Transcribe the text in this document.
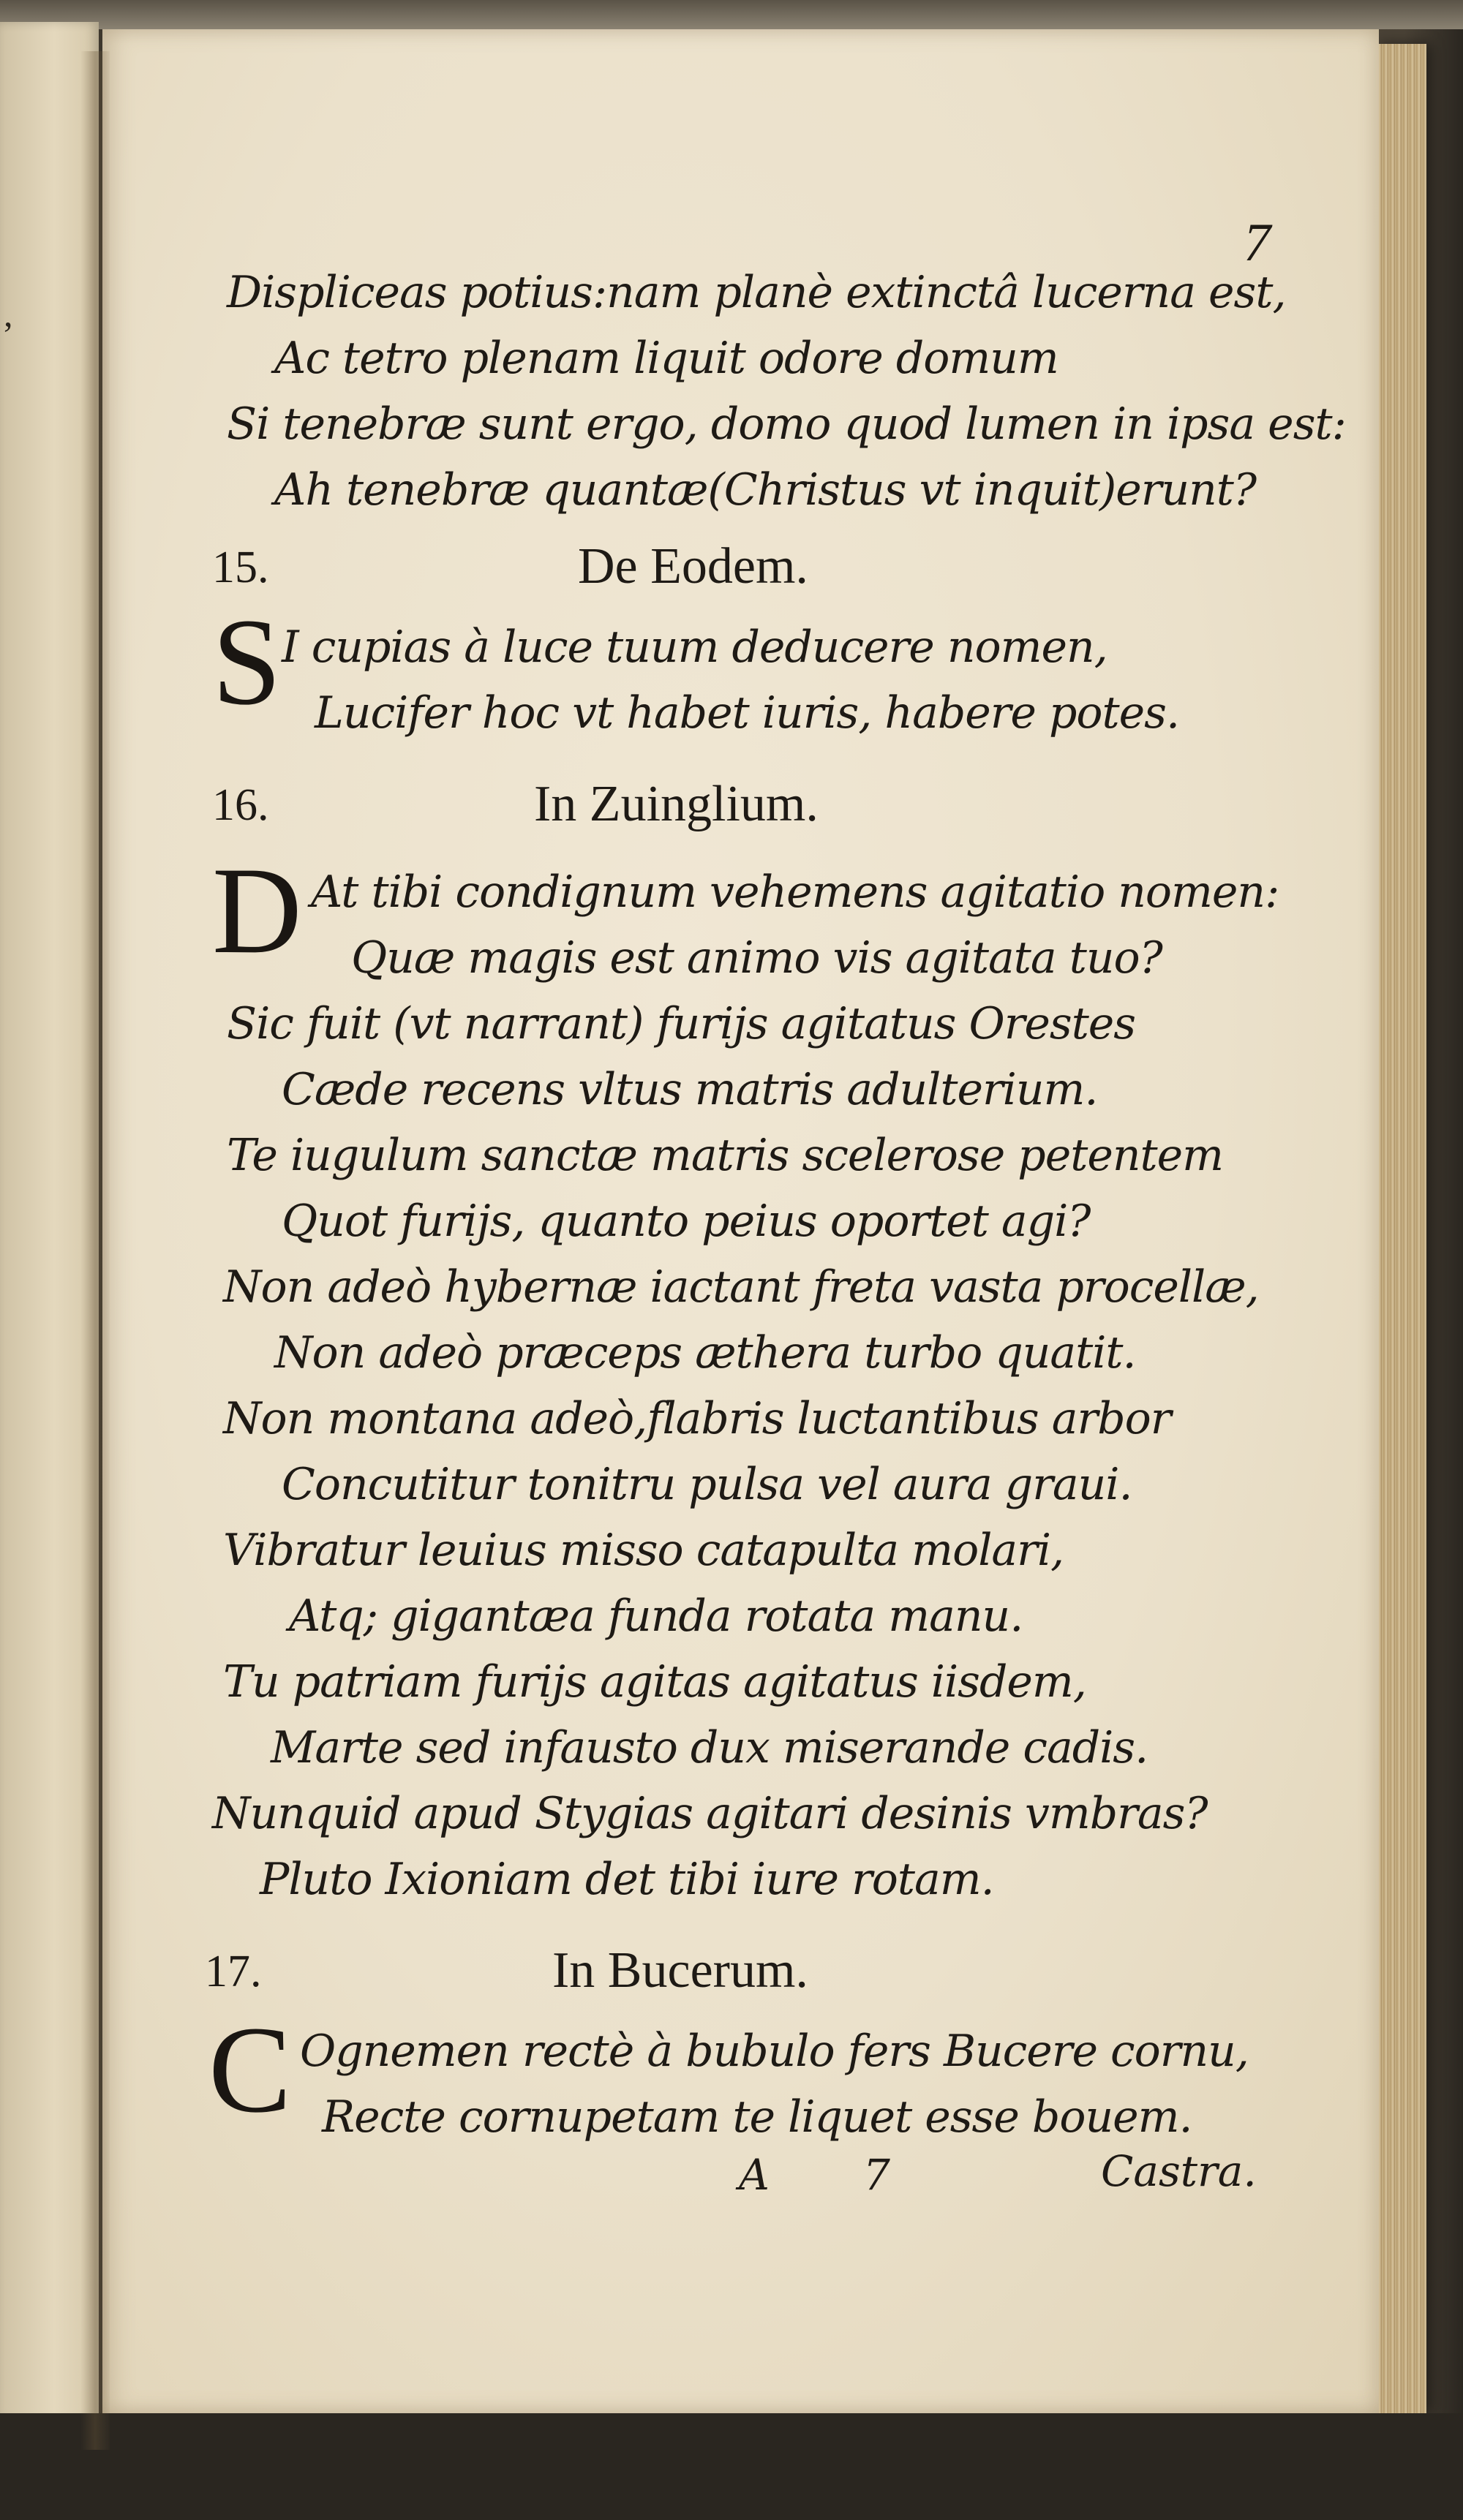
7
Displiceas potius:nam planè extinctâ lucerna est,
Ac tetro plenam liquit odore domum
Si tenebræ sunt ergo, domo quod lumen in ipsa est:
Ah tenebræ quantæ(Christus vt inquit)erunt?
15.	De Eodem.
S I cupias à luce tuum deducere nomen,
Lucifer hoc vt habet iuris, habere potes.
16.	In Zuinglium.
D At tibi condignum vehemens agitatio nomen:
Quæ magis est animo vis agitata tuo?
Sic fuit (vt narrant) furijs agitatus Orestes
Cæde recens vltus matris adulterium.
Te iugulum sanctæ matris scelerose petentem
Quot furijs, quanto peius oportet agi?
Non adeò hybernæ iactant freta vasta procellæ,
Non adeò præceps æthera turbo quatit.
Non montana adeò,flabris luctantibus arbor
Concutitur tonitru pulsa vel aura graui.
Vibratur leuius misso catapulta molari,
Atq; gigantæa funda rotata manu.
Tu patriam furijs agitas agitatus iisdem,
Marte sed infausto dux miserande cadis.
Nunquid apud Stygias agitari desinis vmbras?
Pluto Ixioniam det tibi iure rotam.
17.	In Bucerum.
C Ognemen rectè à bubulo fers Bucere cornu,
Recte cornupetam te liquet esse bouem.
A 7	Castra.
,
